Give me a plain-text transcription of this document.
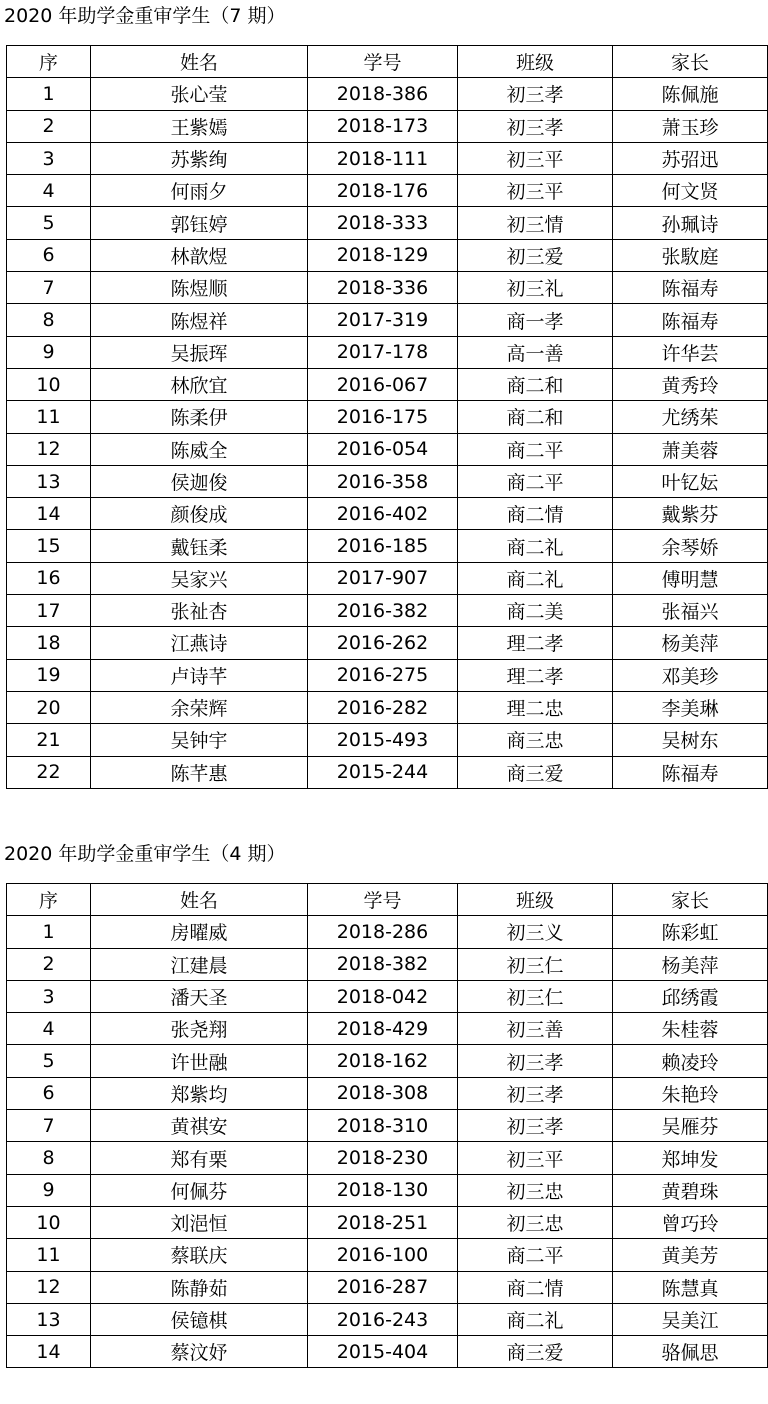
2020 年助学金重审学生（7 期）
序	姓名	学号	班级	家长
1	张心莹	2018-386	初三孝	陈佩施
2	王紫嫣	2018-173	初三孝	萧玉珍
3	苏紫绚	2018-111	初三平	苏弨迅
4	何雨夕	2018-176	初三平	何文贤
5	郭钰婷	2018-333	初三情	孙珮诗
6	林歆煜	2018-129	初三爱	张駇庭
7	陈煜顺	2018-336	初三礼	陈福寿
8	陈煜祥	2017-319	商一孝	陈福寿
9	吴振珲	2017-178	高一善	许华芸
10	林欣宜	2016-067	商二和	黄秀玲
11	陈柔伊	2016-175	商二和	尤绣茱
12	陈威全	2016-054	商二平	萧美蓉
13	侯迦俊	2016-358	商二平	叶钇妘
14	颜俊成	2016-402	商二情	戴紫芬
15	戴钰柔	2016-185	商二礼	余琴娇
16	吴家兴	2017-907	商二礼	傅明慧
17	张祉杏	2016-382	商二美	张福兴
18	江燕诗	2016-262	理二孝	杨美萍
19	卢诗芊	2016-275	理二孝	邓美珍
20	余荣辉	2016-282	理二忠	李美琳
21	吴钟宇	2015-493	商三忠	吴树东
22	陈芊惠	2015-244	商三爱	陈福寿
2020 年助学金重审学生（4 期）
序	姓名	学号	班级	家长
1	房曜威	2018-286	初三义	陈彩虹
2	江建晨	2018-382	初三仁	杨美萍
3	潘天圣	2018-042	初三仁	邱绣霞
4	张尧翔	2018-429	初三善	朱桂蓉
5	许世融	2018-162	初三孝	赖凌玲
6	郑紫均	2018-308	初三孝	朱艳玲
7	黄祺安	2018-310	初三孝	吴雁芬
8	郑有栗	2018-230	初三平	郑坤发
9	何佩芬	2018-130	初三忠	黄碧珠
10	刘浥恒	2018-251	初三忠	曾巧玲
11	蔡联庆	2016-100	商二平	黄美芳
12	陈静茹	2016-287	商二情	陈慧真
13	侯镱棋	2016-243	商二礼	吴美江
14	蔡汶妤	2015-404	商三爱	骆佩思
